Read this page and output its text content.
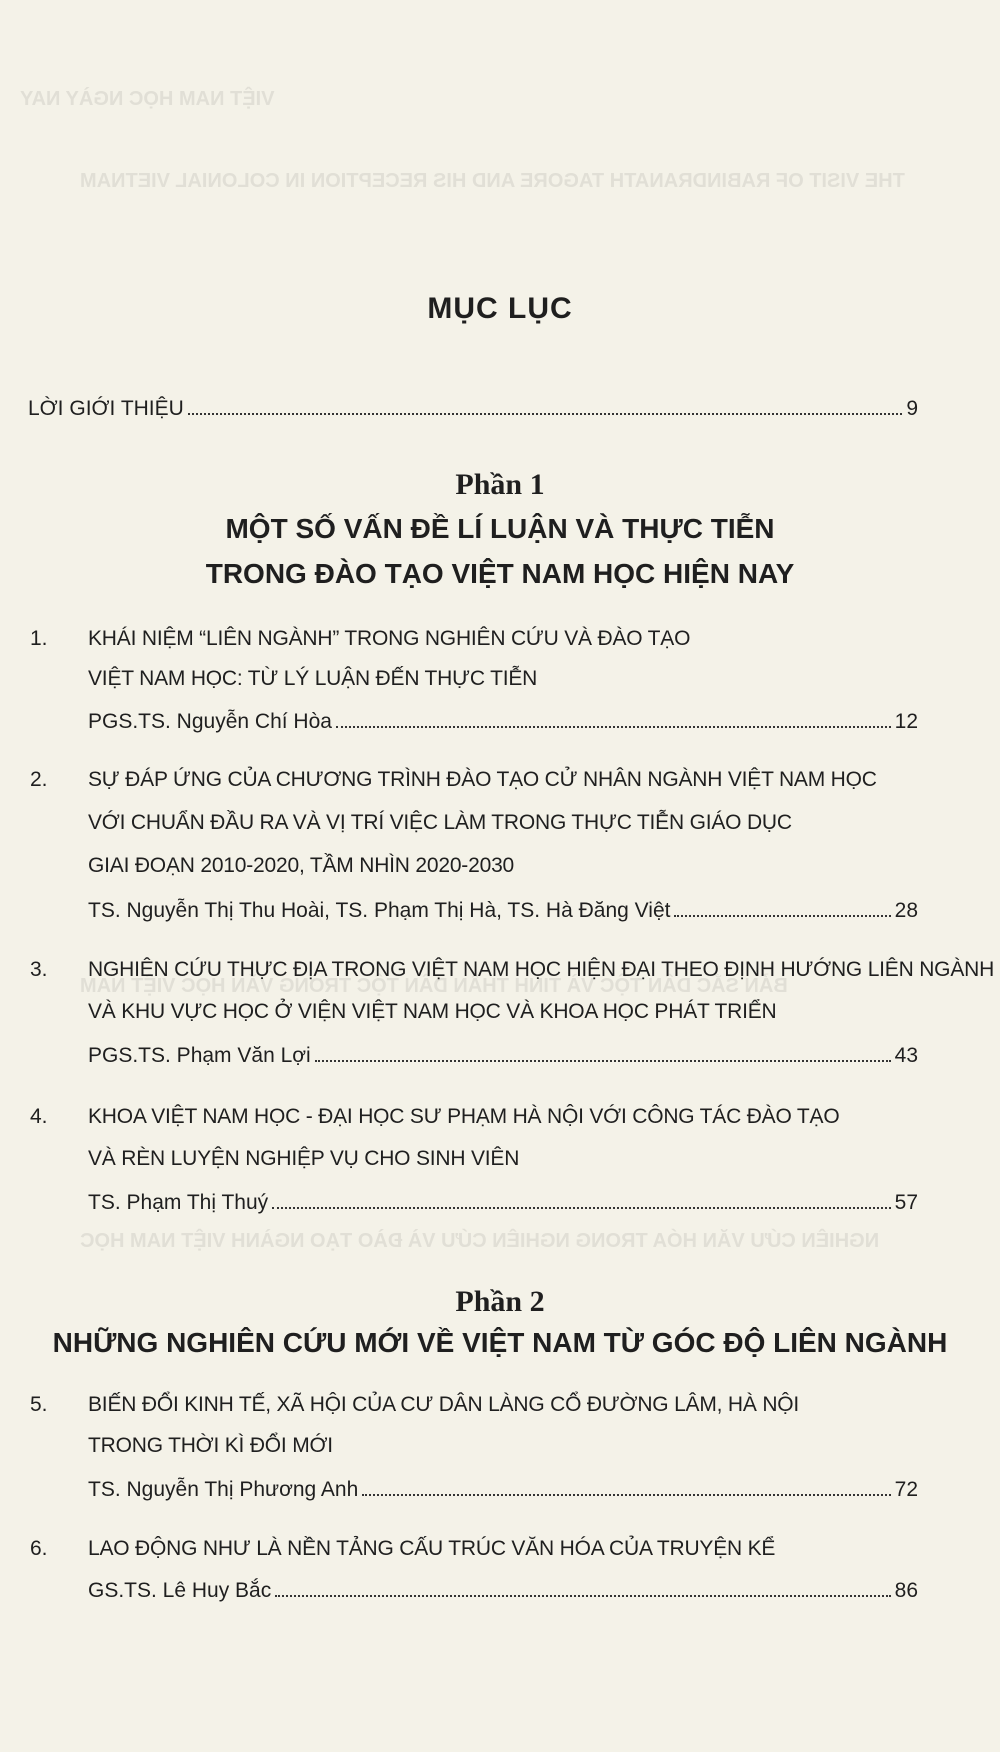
VIỆT NAM HỌC NGÀY NAY
THE VISIT OF RABINDRANATH TAGORE AND HIS RECEPTION IN COLONIAL VIETNAM
BẢN SẮC DÂN TỘC VÀ TINH THẦN DÂN TỘC TRONG VĂN HỌC VIỆT NAM
NGHIÊN CỨU VĂN HÓA TRONG NGHIÊN CỨU VÀ ĐÀO TẠO NGÀNH VIỆT NAM HỌC
MỤC LỤC
LỜI GIỚI THIỆU	9
Phần 1
MỘT SỐ VẤN ĐỀ LÍ LUẬN VÀ THỰC TIỄN
TRONG ĐÀO TẠO VIỆT NAM HỌC HIỆN NAY
1. KHÁI NIỆM “LIÊN NGÀNH” TRONG NGHIÊN CỨU VÀ ĐÀO TẠO
VIỆT NAM HỌC: TỪ LÝ LUẬN ĐẾN THỰC TIỄN
PGS.TS. Nguyễn Chí Hòa	12
2. SỰ ĐÁP ỨNG CỦA CHƯƠNG TRÌNH ĐÀO TẠO CỬ NHÂN NGÀNH VIỆT NAM HỌC
VỚI CHUẨN ĐẦU RA VÀ VỊ TRÍ VIỆC LÀM TRONG THỰC TIỄN GIÁO DỤC
GIAI ĐOẠN 2010-2020, TẦM NHÌN 2020-2030
TS. Nguyễn Thị Thu Hoài, TS. Phạm Thị Hà, TS. Hà Đăng Việt	28
3. NGHIÊN CỨU THỰC ĐỊA TRONG VIỆT NAM HỌC HIỆN ĐẠI THEO ĐỊNH HƯỚNG LIÊN NGÀNH
VÀ KHU VỰC HỌC Ở VIỆN VIỆT NAM HỌC VÀ KHOA HỌC PHÁT TRIỂN
PGS.TS. Phạm Văn Lợi	43
4. KHOA VIỆT NAM HỌC - ĐẠI HỌC SƯ PHẠM HÀ NỘI VỚI CÔNG TÁC ĐÀO TẠO
VÀ RÈN LUYỆN NGHIỆP VỤ CHO SINH VIÊN
TS. Phạm Thị Thuý	57
Phần 2
NHỮNG NGHIÊN CỨU MỚI VỀ VIỆT NAM TỪ GÓC ĐỘ LIÊN NGÀNH
5. BIẾN ĐỔI KINH TẾ, XÃ HỘI CỦA CƯ DÂN LÀNG CỔ ĐƯỜNG LÂM, HÀ NỘI
TRONG THỜI KÌ ĐỔI MỚI
TS. Nguyễn Thị Phương Anh	72
6. LAO ĐỘNG NHƯ LÀ NỀN TẢNG CẤU TRÚC VĂN HÓA CỦA TRUYỆN KỂ
GS.TS. Lê Huy Bắc	86
